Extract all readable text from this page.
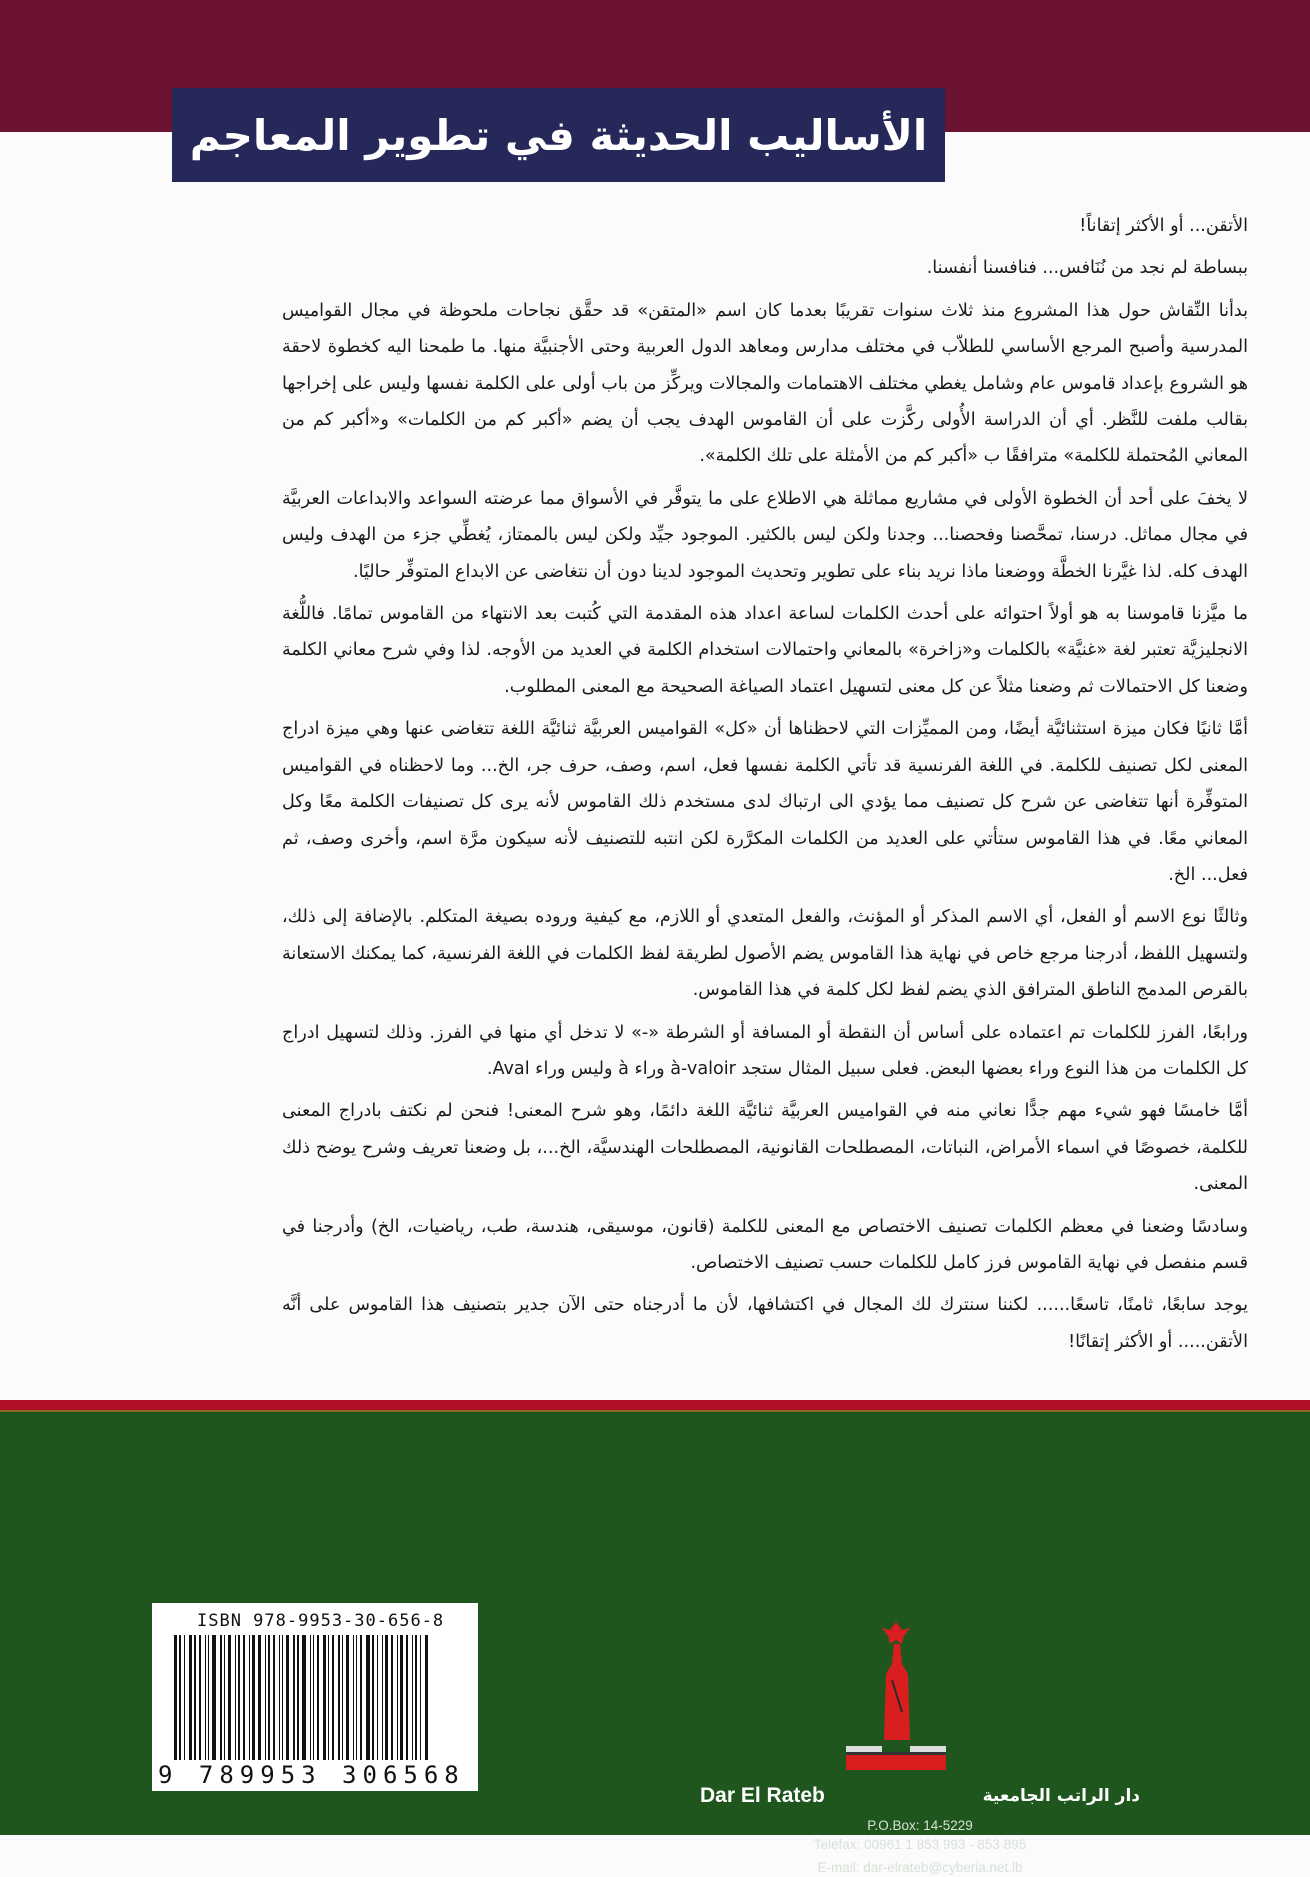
الأساليب الحديثة في تطوير المعاجم

الأتقن... أو الأكثر إتقاناً!

ببساطة لم نجد من نُنَافس... فنافسنا أنفسنا.

بدأنا النِّقاش حول هذا المشروع منذ ثلاث سنوات تقريبًا بعدما كان اسم «المتقن» قد حقَّق نجاحات ملحوظة في مجال القواميس المدرسية وأصبح المرجع الأساسي للطلاّب في مختلف مدارس ومعاهد الدول العربية وحتى الأجنبيَّة منها. ما طمحنا اليه كخطوة لاحقة هو الشروع بإعداد قاموس عام وشامل يغطي مختلف الاهتمامات والمجالات ويركِّز من باب أولى على الكلمة نفسها وليس على إخراجها بقالب ملفت للنَّظر. أي أن الدراسة الأُولى ركَّزت على أن القاموس الهدف يجب أن يضم «أكبر كم من الكلمات» و«أكبر كم من المعاني المُحتملة للكلمة» مترافقًا ب «أكبر كم من الأمثلة على تلك الكلمة».

لا يخفَ على أحد أن الخطوة الأولى في مشاريع مماثلة هي الاطلاع على ما يتوفَّر في الأسواق مما عرضته السواعد والابداعات العربيَّة في مجال مماثل. درسنا، تمحَّصنا وفحصنا... وجدنا ولكن ليس بالكثير. الموجود جيِّد ولكن ليس بالممتاز، يُغطِّي جزء من الهدف وليس الهدف كله. لذا غيَّرنا الخطَّة ووضعنا ماذا نريد بناء على تطوير وتحديث الموجود لدينا دون أن نتغاضى عن الابداع المتوفِّر حاليًا.

ما ميَّزنا قاموسنا به هو أولاً احتوائه على أحدث الكلمات لساعة اعداد هذه المقدمة التي كُتبت بعد الانتهاء من القاموس تمامًا. فاللُّغة الانجليزيَّة تعتبر لغة «غنيَّة» بالكلمات و«زاخرة» بالمعاني واحتمالات استخدام الكلمة في العديد من الأوجه. لذا وفي شرح معاني الكلمة وضعنا كل الاحتمالات ثم وضعنا مثلاً عن كل معنى لتسهيل اعتماد الصياغة الصحيحة مع المعنى المطلوب.

أمَّا ثانيًا فكان ميزة استثنائيَّة أيضًا، ومن المميِّزات التي لاحظناها أن «كل» القواميس العربيَّة ثنائيَّة اللغة تتغاضى عنها وهي ميزة ادراج المعنى لكل تصنيف للكلمة. في اللغة الفرنسية قد تأتي الكلمة نفسها فعل، اسم، وصف، حرف جر، الخ... وما لاحظناه في القواميس المتوفِّرة أنها تتغاضى عن شرح كل تصنيف مما يؤدي الى ارتباك لدى مستخدم ذلك القاموس لأنه يرى كل تصنيفات الكلمة معًا وكل المعاني معًا. في هذا القاموس ستأتي على العديد من الكلمات المكرَّرة لكن انتبه للتصنيف لأنه سيكون مرَّة اسم، وأخرى وصف، ثم فعل... الخ.

وثالثًا نوع الاسم أو الفعل، أي الاسم المذكر أو المؤنث، والفعل المتعدي أو اللازم، مع كيفية وروده بصيغة المتكلم. بالإضافة إلى ذلك، ولتسهيل اللفظ، أدرجنا مرجع خاص في نهاية هذا القاموس يضم الأصول لطريقة لفظ الكلمات في اللغة الفرنسية، كما يمكنك الاستعانة بالقرص المدمج الناطق المترافق الذي يضم لفظ لكل كلمة في هذا القاموس.

ورابعًا، الفرز للكلمات تم اعتماده على أساس أن النقطة أو المسافة أو الشرطة «-» لا تدخل أي منها في الفرز. وذلك لتسهيل ادراج كل الكلمات من هذا النوع وراء بعضها البعض. فعلى سبيل المثال ستجد à-valoir وراء à وليس وراء Aval.

أمَّا خامسًا فهو شيء مهم جدًّا نعاني منه في القواميس العربيَّة ثنائيَّة اللغة دائمًا، وهو شرح المعنى! فنحن لم نكتف بادراج المعنى للكلمة، خصوصًا في اسماء الأمراض، النباتات، المصطلحات القانونية، المصطلحات الهندسيَّة، الخ...، بل وضعنا تعريف وشرح يوضح ذلك المعنى.

وسادسًا وضعنا في معظم الكلمات تصنيف الاختصاص مع المعنى للكلمة (قانون، موسيقى، هندسة، طب، رياضيات، الخ) وأدرجنا في قسم منفصل في نهاية القاموس فرز كامل للكلمات حسب تصنيف الاختصاص.

يوجد سابعًا، ثامنًا، تاسعًا...... لكننا سنترك لك المجال في اكتشافها، لأن ما أدرجناه حتى الآن جدير بتصنيف هذا القاموس على أنَّه الأتقن..... أو الأكثر إتقانًا!

ISBN 978-9953-30-656-8
9 789953 306568
Dar El Rateb	دار الراتب الجامعية
P.O.Box: 14-5229
Telefax: 00961 1 853 993 - 853 895
E-mail: dar-elrateb@cyberia.net.lb
